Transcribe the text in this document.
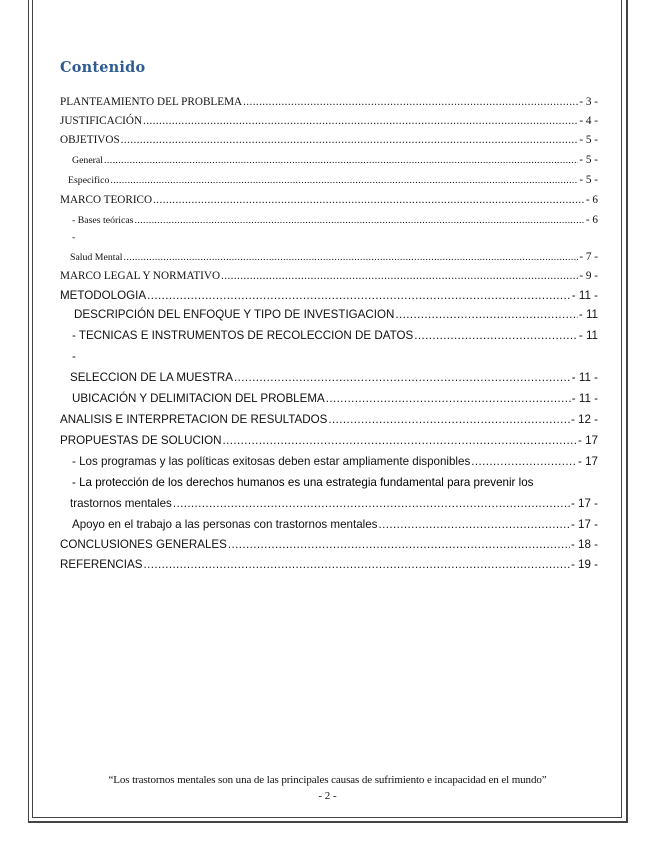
Contenido
PLANTEAMIENTO DEL PROBLEMA .....	- 3 -
JUSTIFICACIÓN .....	- 4 -
OBJETIVOS .....	- 5 -
General .....	- 5 -
Especifico .....	- 5 -
MARCO TEORICO .....	- 6
- Bases teóricas .....	- 6
-
Salud Mental .....	- 7 -
MARCO LEGAL Y NORMATIVO .....	- 9 -
METODOLOGIA .....	- 11 -
DESCRIPCIÓN DEL ENFOQUE Y TIPO DE INVESTIGACION .....	- 11
- TECNICAS E INSTRUMENTOS DE RECOLECCION DE DATOS .....	- 11
-
SELECCION DE LA MUESTRA .....	- 11 -
UBICACIÓN Y DELIMITACION DEL PROBLEMA .....	- 11 -
ANALISIS E INTERPRETACION DE RESULTADOS .....	- 12 -
PROPUESTAS DE SOLUCION .....	- 17
- Los programas y las políticas exitosas deben estar ampliamente disponibles .....	- 17
- La protección de los derechos humanos es una estrategia fundamental para prevenir los
trastornos mentales .....	- 17 -
Apoyo en el trabajo a las personas con trastornos mentales .....	- 17 -
CONCLUSIONES GENERALES .....	- 18 -
REFERENCIAS .....	- 19 -
“Los trastornos mentales son una de las principales causas de sufrimiento e incapacidad en el mundo”
- 2 -
